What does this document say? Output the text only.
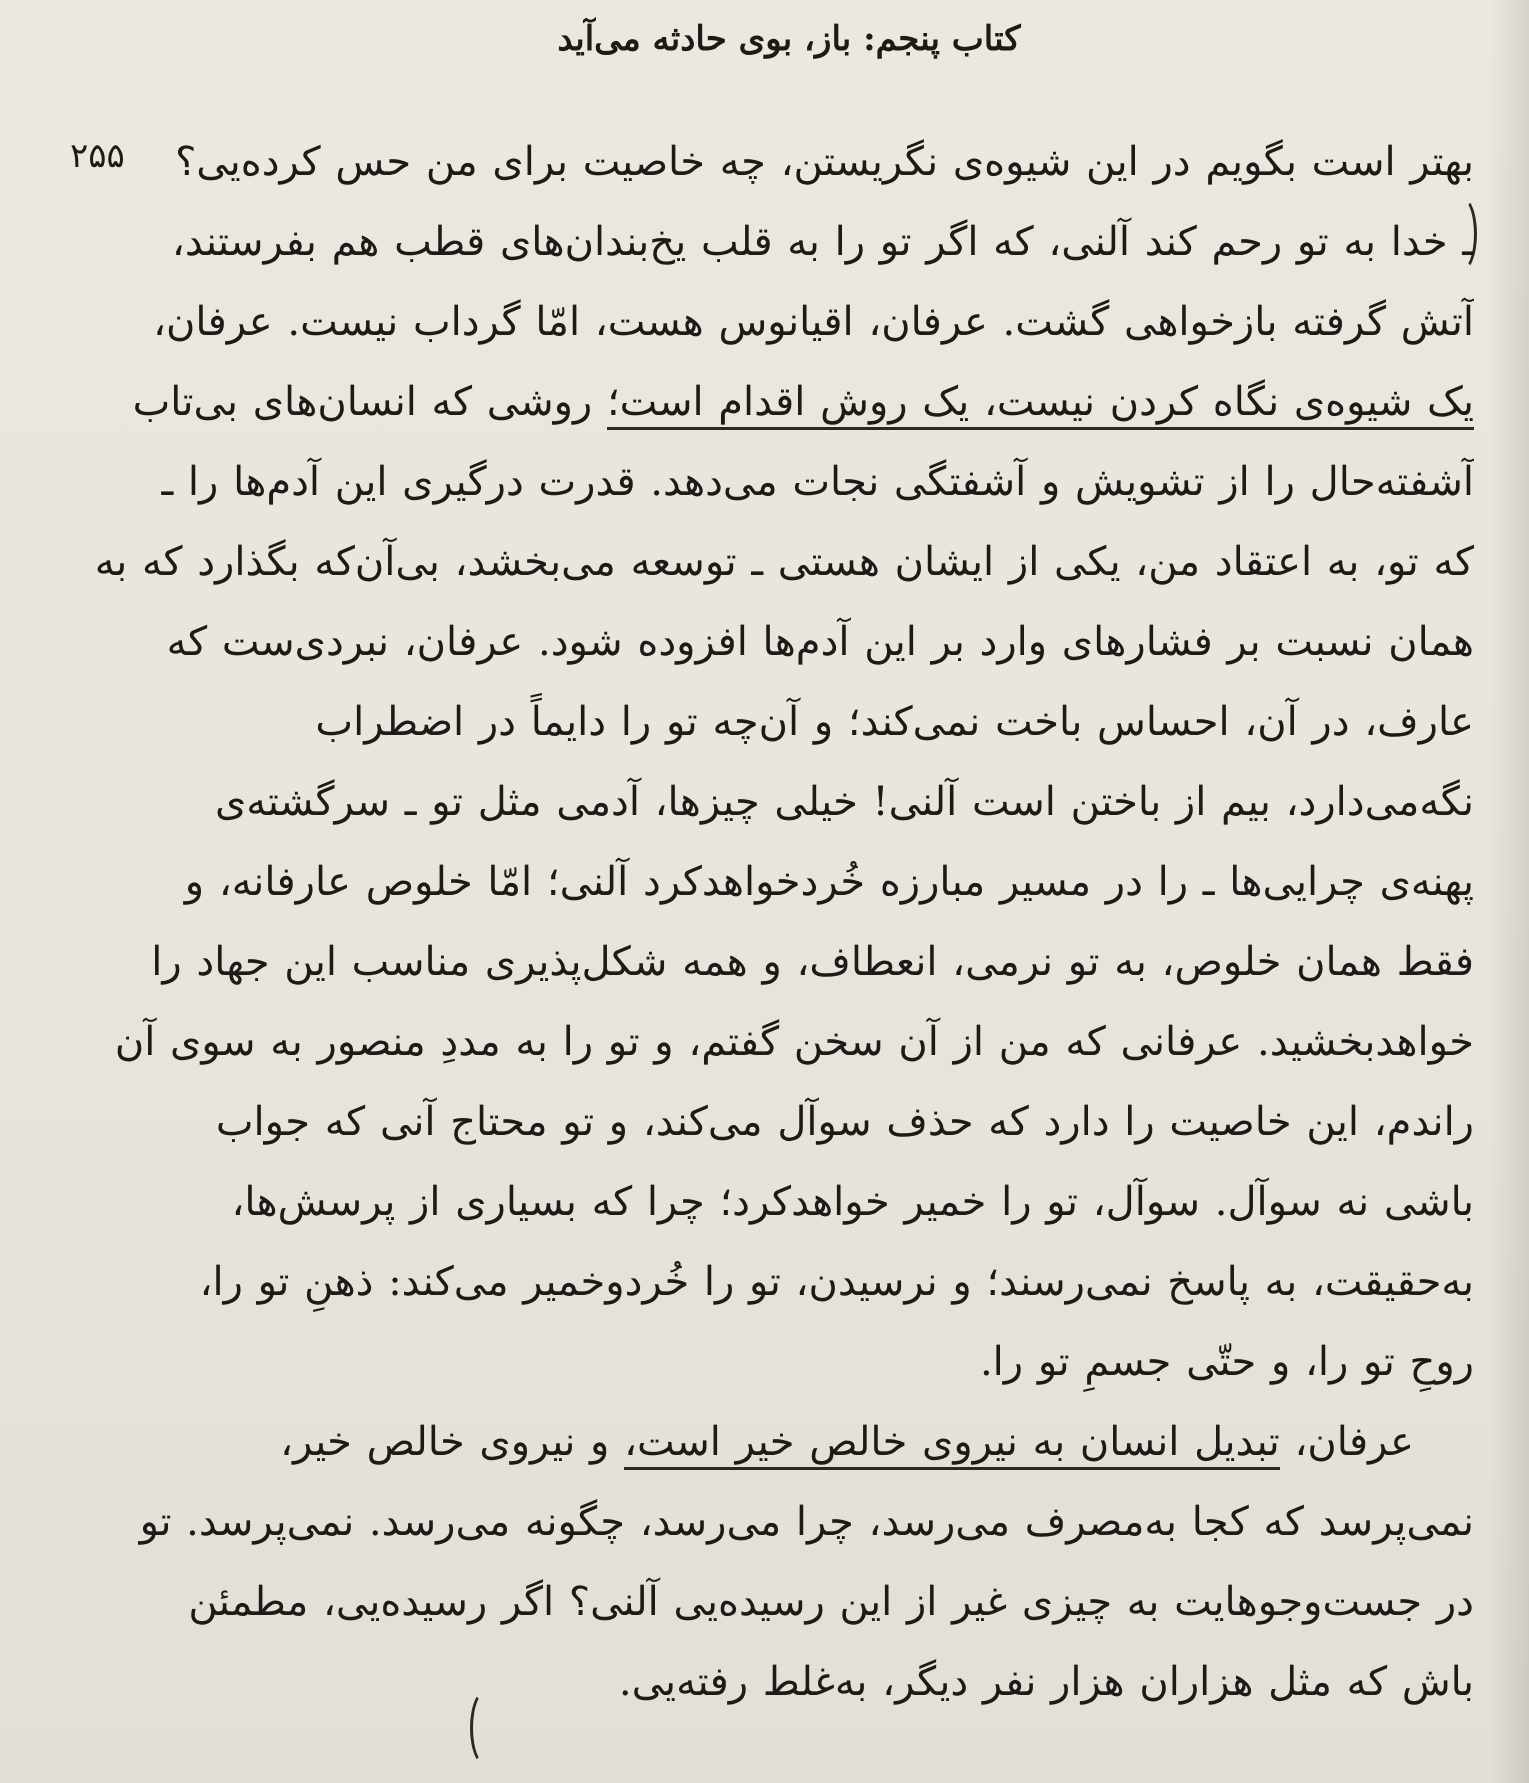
کتاب پنجم: باز، بوی حادثه می‌آید
۲۵۵	بهتر است بگویم در این شیوه‌ی نگریستن، چه خاصیت برای من حس کرده‌یی؟
ـ خدا به تو رحم کند آلنی، که اگر تو را به قلب یخ‌بندان‌های قطب هم بفرستند،
آتش گرفته بازخواهی گشت. عرفان، اقیانوس هست، امّا گرداب نیست. عرفان،
یک شیوه‌ی نگاه کردن نیست، یک روش اقدام است؛ روشی که انسان‌های بی‌تاب
آشفته‌حال را از تشویش و آشفتگی نجات می‌دهد. قدرت درگیری این آدم‌ها را ـ
که تو، به اعتقاد من، یکی از ایشان هستی ـ توسعه می‌بخشد، بی‌آن‌که بگذارد که به
همان نسبت بر فشارهای وارد بر این آدم‌ها افزوده شود. عرفان، نبردی‌ست که
عارف، در آن، احساس باخت نمی‌کند؛ و آن‌چه تو را دایماً در اضطراب
نگه‌می‌دارد، بیم از باختن است آلنی! خیلی چیزها، آدمی مثل تو ـ سرگشته‌ی
پهنه‌ی چرایی‌ها ـ را در مسیر مبارزه خُردخواهدکرد آلنی؛ امّا خلوص عارفانه، و
فقط همان خلوص، به تو نرمی، انعطاف، و همه شکل‌پذیری مناسب این جهاد را
خواهدبخشید. عرفانی که من از آن سخن گفتم، و تو را به مددِ منصور به سوی آن
راندم، این خاصیت را دارد که حذف سوآل می‌کند، و تو محتاج آنی که جواب
باشی نه سوآل. سوآل، تو را خمیر خواهدکرد؛ چرا که بسیاری از پرسش‌ها،
به‌حقیقت، به پاسخ نمی‌رسند؛ و نرسیدن، تو را خُردوخمیر می‌کند: ذهنِ تو را،
روحِ تو را، و حتّی جسمِ تو را.
عرفان، تبدیل انسان به نیروی خالص خیر است، و نیروی خالص خیر،
نمی‌پرسد که کجا به‌مصرف می‌رسد، چرا می‌رسد، چگونه می‌رسد. نمی‌پرسد. تو
در جست‌وجوهایت به چیزی غیر از این رسیده‌یی آلنی؟ اگر رسیده‌یی، مطمئن
باش که مثل هزاران هزار نفر دیگر، به‌غلط رفته‌یی.
